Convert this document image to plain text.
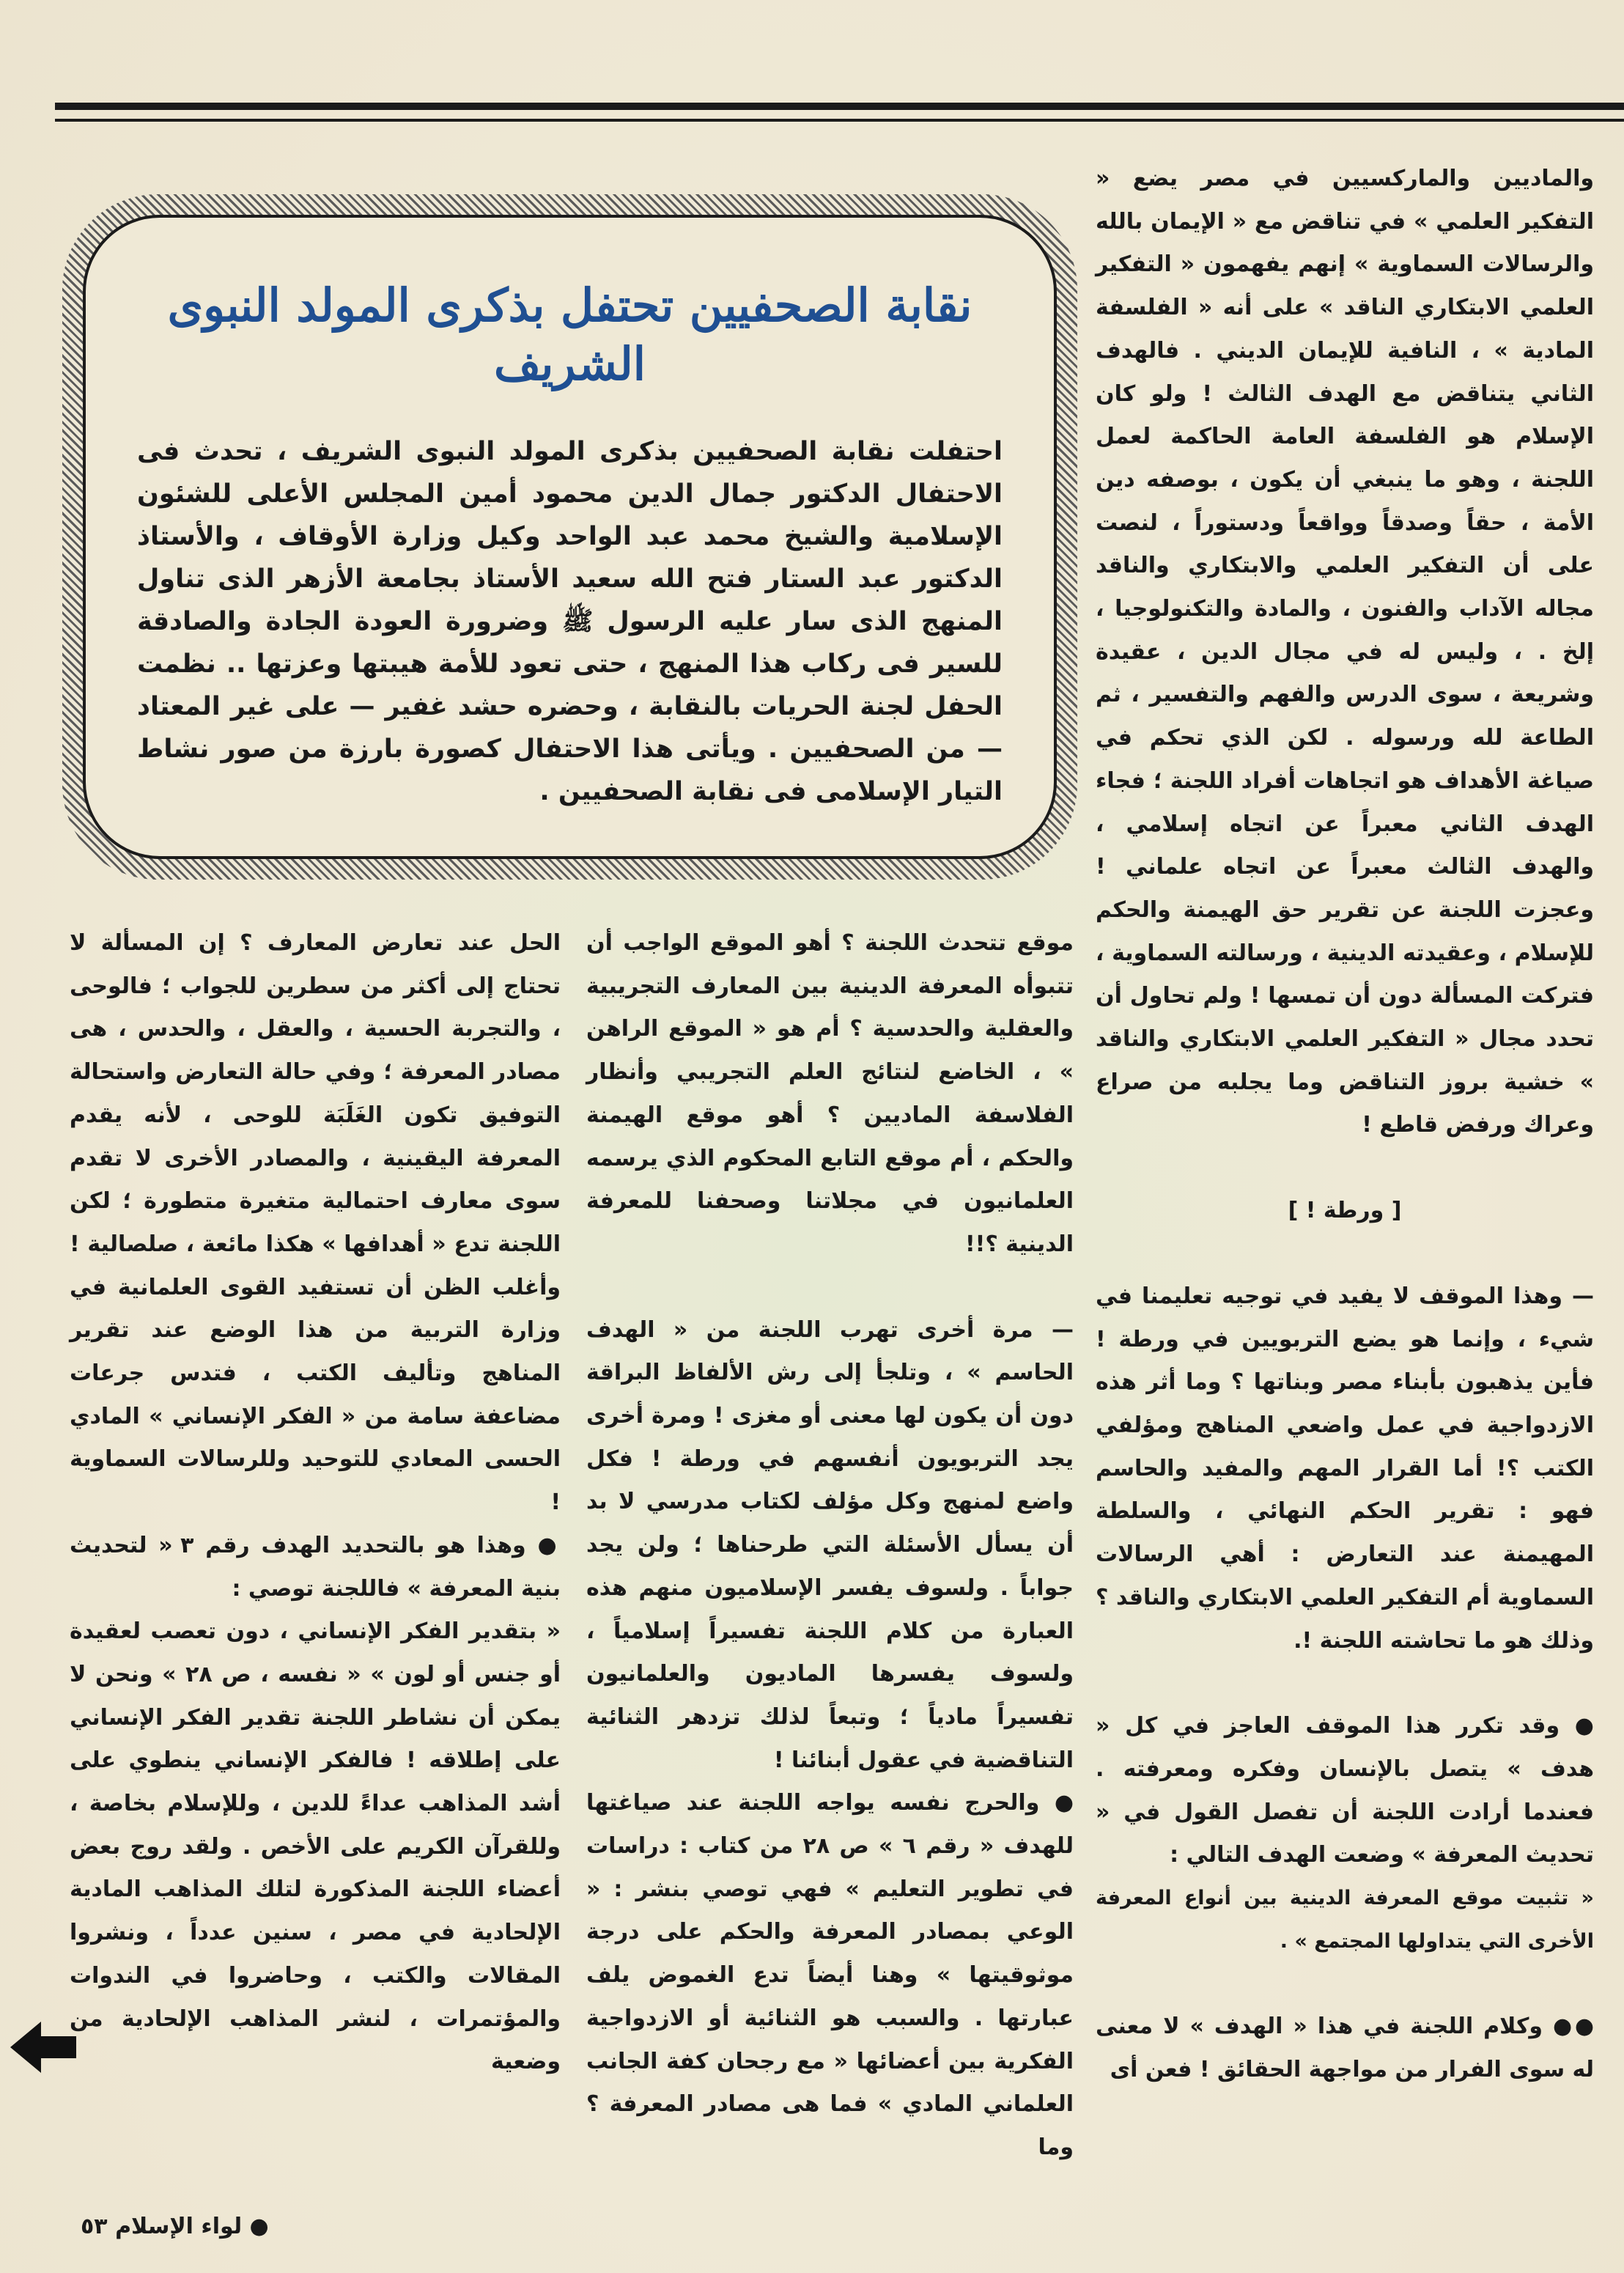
والماديين والماركسيين في مصر يضع « التفكير العلمي » في تناقض مع « الإيمان بالله والرسالات السماوية » إنهم يفهمون « التفكير العلمي الابتكاري الناقد » على أنه « الفلسفة المادية » ، النافية للإيمان الديني . فالهدف الثاني يتناقض مع الهدف الثالث ! ولو كان الإسلام هو الفلسفة العامة الحاكمة لعمل اللجنة ، وهو ما ينبغي أن يكون ، بوصفه دين الأمة ، حقاً وصدقاً وواقعاً ودستوراً ، لنصت على أن التفكير العلمي والابتكاري والناقد مجاله الآداب والفنون ، والمادة والتكنولوجيا ، إلخ . ، وليس له في مجال الدين ، عقيدة وشريعة ، سوى الدرس والفهم والتفسير ، ثم الطاعة لله ورسوله . لكن الذي تحكم في صياغة الأهداف هو اتجاهات أفراد اللجنة ؛ فجاء الهدف الثاني معبراً عن اتجاه إسلامي ، والهدف الثالث معبراً عن اتجاه علماني ! وعجزت اللجنة عن تقرير حق الهيمنة والحكم للإسلام ، وعقيدته الدينية ، ورسالته السماوية ، فتركت المسألة دون أن تمسها ! ولم تحاول أن تحدد مجال « التفكير العلمي الابتكاري والناقد » خشية بروز التناقض وما يجلبه من صراع وعراك ورفض قاطع !

[ ورطة ! ]

— وهذا الموقف لا يفيد في توجيه تعليمنا في شيء ، وإنما هو يضع التربويين في ورطة ! فأين يذهبون بأبناء مصر وبناتها ؟ وما أثر هذه الازدواجية في عمل واضعي المناهج ومؤلفي الكتب ؟! أما القرار المهم والمفيد والحاسم فهو : تقرير الحكم النهائي ، والسلطة المهيمنة عند التعارض : أهي الرسالات السماوية أم التفكير العلمي الابتكاري والناقد ؟ وذلك هو ما تحاشته اللجنة !.

● وقد تكرر هذا الموقف العاجز في كل « هدف » يتصل بالإنسان وفكره ومعرفته . فعندما أرادت اللجنة أن تفصل القول في « تحديث المعرفة » وضعت الهدف التالي :

« تثبيت موقع المعرفة الدينية بين أنواع المعرفة الأخرى التي يتداولها المجتمع » .

●● وكلام اللجنة في هذا « الهدف » لا معنى له سوى الفرار من مواجهة الحقائق ! فعن أى

نقابة الصحفيين تحتفل بذكرى المولد النبوى الشريف

احتفلت نقابة الصحفيين بذكرى المولد النبوى الشريف ، تحدث فى الاحتفال الدكتور جمال الدين محمود أمين المجلس الأعلى للشئون الإسلامية والشيخ محمد عبد الواحد وكيل وزارة الأوقاف ، والأستاذ الدكتور عبد الستار فتح الله سعيد الأستاذ بجامعة الأزهر الذى تناول المنهج الذى سار عليه الرسول ﷺ وضرورة العودة الجادة والصادقة للسير فى ركاب هذا المنهج ، حتى تعود للأمة هيبتها وعزتها .. نظمت الحفل لجنة الحريات بالنقابة ، وحضره حشد غفير — على غير المعتاد — من الصحفيين . ويأتى هذا الاحتفال كصورة بارزة من صور نشاط التيار الإسلامى فى نقابة الصحفيين .

موقع تتحدث اللجنة ؟ أهو الموقع الواجب أن تتبوأه المعرفة الدينية بين المعارف التجريبية والعقلية والحدسية ؟ أم هو « الموقع الراهن » ، الخاضع لنتائج العلم التجريبي وأنظار الفلاسفة الماديين ؟ أهو موقع الهيمنة والحكم ، أم موقع التابع المحكوم الذي يرسمه العلمانيون في مجلاتنا وصحفنا للمعرفة الدينية ؟!!

— مرة أخرى تهرب اللجنة من « الهدف الحاسم » ، وتلجأ إلى رش الألفاظ البراقة دون أن يكون لها معنى أو مغزى ! ومرة أخرى يجد التربويون أنفسهم في ورطة ! فكل واضع لمنهج وكل مؤلف لكتاب مدرسي لا بد أن يسأل الأسئلة التي طرحناها ؛ ولن يجد جواباً . ولسوف يفسر الإسلاميون منهم هذه العبارة من كلام اللجنة تفسيراً إسلامياً ، ولسوف يفسرها الماديون والعلمانيون تفسيراً مادياً ؛ وتبعاً لذلك تزدهر الثنائية التناقضية في عقول أبنائنا !

● والحرج نفسه يواجه اللجنة عند صياغتها للهدف « رقم ٦ » ص ٢٨ من كتاب : دراسات في تطوير التعليم » فهي توصي بنشر : « الوعي بمصادر المعرفة والحكم على درجة موثوقيتها » وهنا أيضاً تدع الغموض يلف عبارتها . والسبب هو الثنائية أو الازدواجية الفكرية بين أعضائها « مع رجحان كفة الجانب العلماني المادي » فما هى مصادر المعرفة ؟ وما

الحل عند تعارض المعارف ؟ إن المسألة لا تحتاج إلى أكثر من سطرين للجواب ؛ فالوحى ، والتجربة الحسية ، والعقل ، والحدس ، هى مصادر المعرفة ؛ وفي حالة التعارض واستحالة التوفيق تكون الغَلَبَة للوحى ، لأنه يقدم المعرفة اليقينية ، والمصادر الأخرى لا تقدم سوى معارف احتمالية متغيرة متطورة ؛ لكن اللجنة تدع « أهدافها » هكذا مائعة ، صلصالية ! وأغلب الظن أن تستفيد القوى العلمانية في وزارة التربية من هذا الوضع عند تقرير المناهج وتأليف الكتب ، فتدس جرعات مضاعفة سامة من « الفكر الإنساني » المادي الحسى المعادي للتوحيد وللرسالات السماوية !

● وهذا هو بالتحديد الهدف رقم ٣ « لتحديث بنية المعرفة » فاللجنة توصي :

« بتقدير الفكر الإنساني ، دون تعصب لعقيدة أو جنس أو لون » « نفسه ، ص ٢٨ » ونحن لا يمكن أن نشاطر اللجنة تقدير الفكر الإنساني على إطلاقه ! فالفكر الإنساني ينطوي على أشد المذاهب عداءً للدين ، وللإسلام بخاصة ، وللقرآن الكريم على الأخص . ولقد روج بعض أعضاء اللجنة المذكورة لتلك المذاهب المادية الإلحادية في مصر ، سنين عدداً ، ونشروا المقالات والكتب ، وحاضروا في الندوات والمؤتمرات ، لنشر المذاهب الإلحادية من وضعية

● لواء الإسلام ٥٣
